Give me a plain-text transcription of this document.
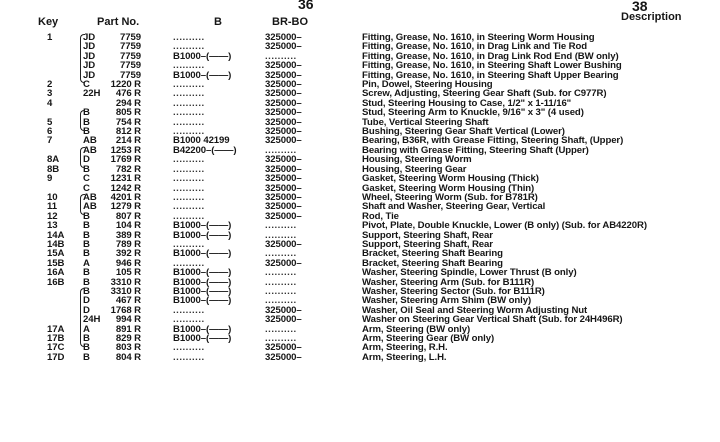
36	38
Key	Part No.	B	BR-BO	Description
1	JD	7759	..........	325000–	Fitting, Grease, No. 1610, in Steering Worm Housing
JD	7759	..........	325000–	Fitting, Grease, No. 1610, in Drag Link and Tie Rod
JD	7759	B1000–(——)	..........	Fitting, Grease, No. 1610, in Drag Link Rod End (BW only)
JD	7759	..........	325000–	Fitting, Grease, No. 1610, in Steering Shaft Lower Bushing
JD	7759	B1000–(——)	325000–	Fitting, Grease, No. 1610, in Steering Shaft Upper Bearing
2	C	1220 R	..........	325000–	Pin, Dowel, Steering Housing
3	22H	476 R	..........	325000–	Screw, Adjusting, Steering Gear Shaft (Sub. for C977R)
4	294 R	..........	325000–	Stud, Steering Housing to Case, 1/2" x 1-11/16"
B	805 R	..........	325000–	Stud, Steering Arm to Knuckle, 9/16" x 3" (4 used)
5	B	754 R	..........	325000–	Tube, Vertical Steering Shaft
6	B	812 R	..........	325000–	Bushing, Steering Gear Shaft Vertical (Lower)
7	AB	214 R	B1000 42199	325000–	Bearing, B36R, with Grease Fitting, Steering Shaft, (Upper)
AB	1253 R	B42200–(——)	..........	Bearing with Grease Fitting, Steering Shaft (Upper)
8A D	1769 R	..........	325000–	Housing, Steering Worm
8B B	782 R	..........	325000–	Housing, Steering Gear
9	C	1231 R	..........	325000–	Gasket, Steering Worm Housing (Thick)
C	1242 R	..........	325000–	Gasket, Steering Worm Housing (Thin)
10	AB	4201 R	..........	325000–	Wheel, Steering Worm (Sub. for B781R)
11	AB	1279 R	..........	325000–	Shaft and Washer, Steering Gear, Vertical
12	B	807 R	..........	325000–	Rod, Tie
13	B	104 R	B1000–(——)	..........	Pivot, Plate, Double Knuckle, Lower (B only) (Sub. for AB4220R)
14A B	389 R	B1000–(——)	..........	Support, Steering Shaft, Rear
14B B	789 R	..........	325000–	Support, Steering Shaft, Rear
15A B	392 R	B1000–(——)	..........	Bracket, Steering Shaft Bearing
15B A	946 R	..........	325000–	Bracket, Steering Shaft Bearing
16A B	105 R	B1000–(——)	..........	Washer, Steering Spindle, Lower Thrust (B only)
16B B	3310 R	B1000–(——)	..........	Washer, Steering Arm (Sub. for B111R)
B	3310 R	B1000–(——)	..........	Washer, Steering Sector (Sub. for B111R)
D	467 R	B1000–(——)	..........	Washer, Steering Arm Shim (BW only)
D	1768 R	..........	325000–	Washer, Oil Seal and Steering Worm Adjusting Nut
24H	994 R	..........	325000–	Washer on Steering Gear Vertical Shaft (Sub. for 24H496R)
17A A	891 R	B1000–(——)	..........	Arm, Steering (BW only)
17B B	829 R	B1000–(——)	..........	Arm, Steering Gear (BW only)
17C B	803 R	..........	325000–	Arm, Steering, R.H.
17D B	804 R	..........	325000–	Arm, Steering, L.H.
